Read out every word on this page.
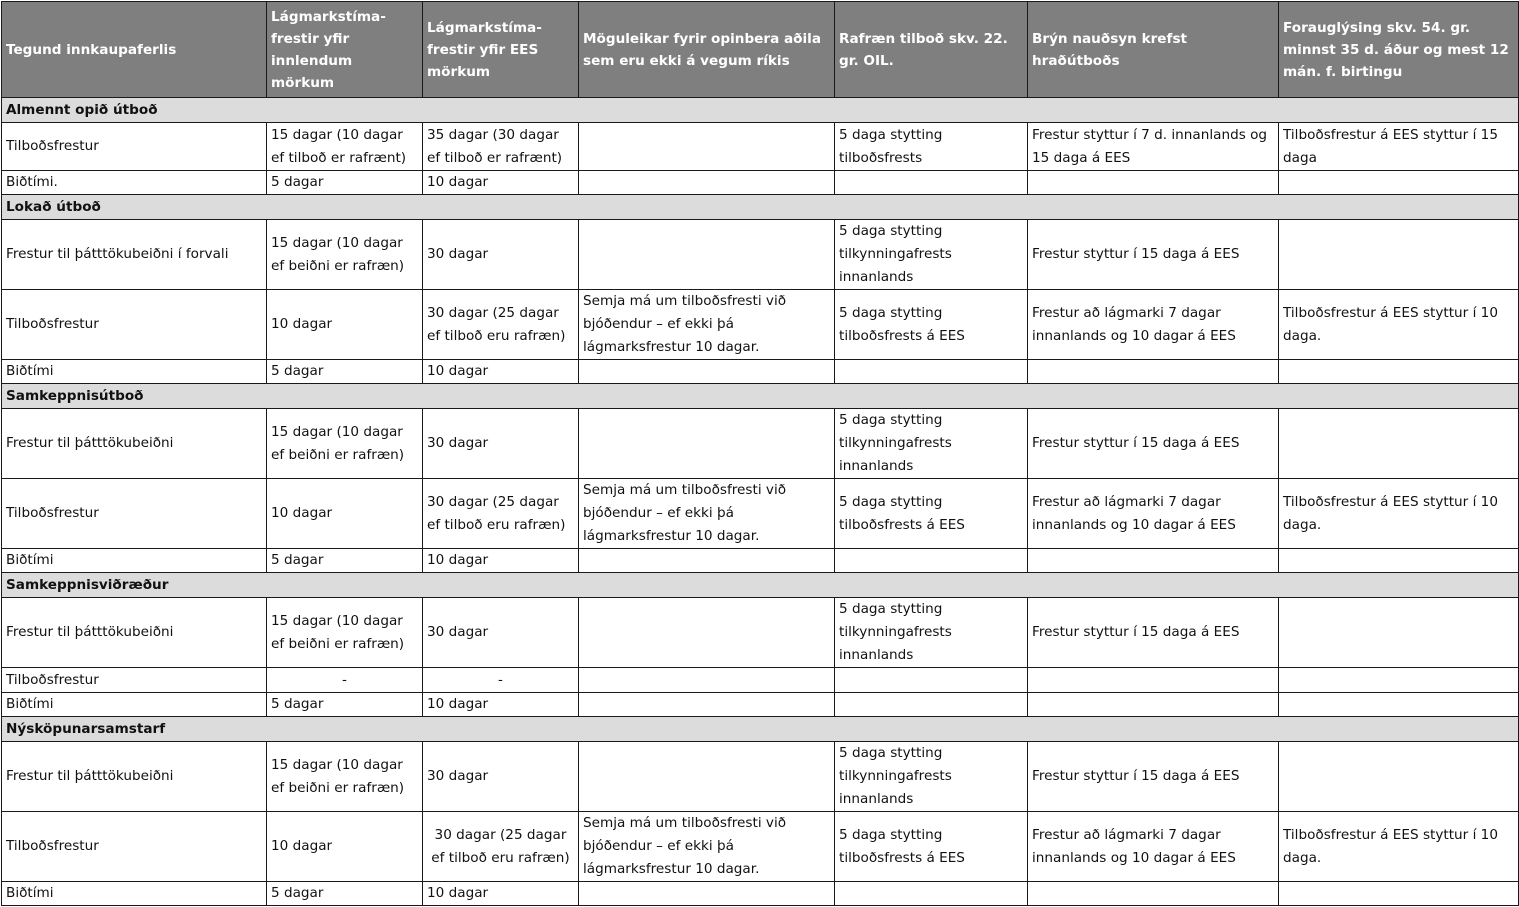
Tegund innkaupaferlis	Lágmarkstíma-frestir yfir innlendum mörkum	Lágmarkstíma-frestir yfir EES mörkum	Möguleikar fyrir opinbera aðila sem eru ekki á vegum ríkis	Rafræn tilboð skv. 22. gr. OIL.	Brýn nauðsyn krefst hraðútboðs	Forauglýsing skv. 54. gr. minnst 35 d. áður og mest 12 mán. f. birtingu
Almennt opið útboð						
Tilboðsfrestur	15 dagar (10 dagar ef tilboð er rafrænt)	35 dagar (30 dagar ef tilboð er rafrænt)		5 daga stytting tilboðsfrests	Frestur styttur í 7 d. innanlands og 15 daga á EES	Tilboðsfrestur á EES styttur í 15 daga
Biðtími.	5 dagar	10 dagar				
Lokað útboð						
Frestur til þátttökubeiðni í forvali	15 dagar (10 dagar ef beiðni er rafræn)	30 dagar		5 daga stytting tilkynningafrests innanlands	Frestur styttur í 15 daga á EES	
Tilboðsfrestur	10 dagar	30 dagar (25 dagar ef tilboð eru rafræn)	Semja má um tilboðsfresti við bjóðendur – ef ekki þá lágmarksfrestur 10 dagar.	5 daga stytting tilboðsfrests á EES	Frestur að lágmarki 7 dagar innanlands og 10 dagar á EES	Tilboðsfrestur á EES styttur í 10 daga.
Biðtími	5 dagar	10 dagar				
Samkeppnisútboð						
Frestur til þátttökubeiðni	15 dagar (10 dagar ef beiðni er rafræn)	30 dagar		5 daga stytting tilkynningafrests innanlands	Frestur styttur í 15 daga á EES	
Tilboðsfrestur	10 dagar	30 dagar (25 dagar ef tilboð eru rafræn)	Semja má um tilboðsfresti við bjóðendur – ef ekki þá lágmarksfrestur 10 dagar.	5 daga stytting tilboðsfrests á EES	Frestur að lágmarki 7 dagar innanlands og 10 dagar á EES	Tilboðsfrestur á EES styttur í 10 daga.
Biðtími	5 dagar	10 dagar				
Samkeppnisviðræður						
Frestur til þátttökubeiðni	15 dagar (10 dagar ef beiðni er rafræn)	30 dagar		5 daga stytting tilkynningafrests innanlands	Frestur styttur í 15 daga á EES	
Tilboðsfrestur	-	-				
Biðtími	5 dagar	10 dagar				
Nýsköpunarsamstarf						
Frestur til þátttökubeiðni	15 dagar (10 dagar ef beiðni er rafræn)	30 dagar		5 daga stytting tilkynningafrests innanlands	Frestur styttur í 15 daga á EES	
Tilboðsfrestur	10 dagar	30 dagar (25 dagar ef tilboð eru rafræn)	Semja má um tilboðsfresti við bjóðendur – ef ekki þá lágmarksfrestur 10 dagar.	5 daga stytting tilboðsfrests á EES	Frestur að lágmarki 7 dagar innanlands og 10 dagar á EES	Tilboðsfrestur á EES styttur í 10 daga.
Biðtími	5 dagar	10 dagar				
